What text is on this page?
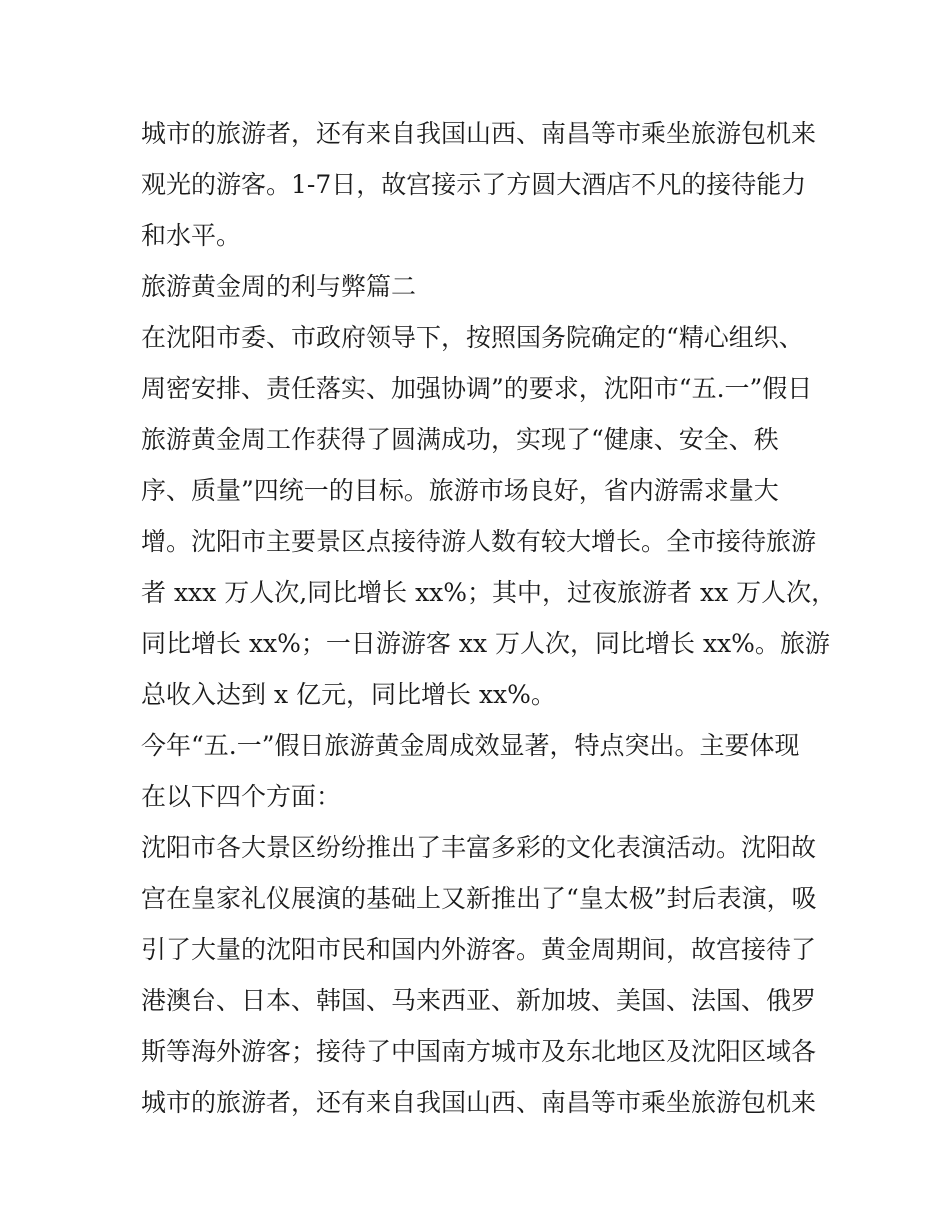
城市的旅游者，还有来自我国山西、南昌等市乘坐旅游包机来
观光的游客。1-7日，故宫接示了方圆大酒店不凡的接待能力
和水平。
旅游黄金周的利与弊篇二
在沈阳市委、市政府领导下，按照国务院确定的“精心组织、
周密安排、责任落实、加强协调”的要求，沈阳市“五.一”假日
旅游黄金周工作获得了圆满成功，实现了“健康、安全、秩
序、质量”四统一的目标。旅游市场良好，省内游需求量大
增。沈阳市主要景区点接待游人数有较大增长。全市接待旅游
者 xxx 万人次,同比增长 xx%；其中，过夜旅游者 xx 万人次，
同比增长 xx%；一日游游客 xx 万人次，同比增长 xx%。旅游
总收入达到 x 亿元，同比增长 xx%。
今年“五.一”假日旅游黄金周成效显著，特点突出。主要体现
在以下四个方面：
沈阳市各大景区纷纷推出了丰富多彩的文化表演活动。沈阳故
宫在皇家礼仪展演的基础上又新推出了“皇太极”封后表演，吸
引了大量的沈阳市民和国内外游客。黄金周期间，故宫接待了
港澳台、日本、韩国、马来西亚、新加坡、美国、法国、俄罗
斯等海外游客；接待了中国南方城市及东北地区及沈阳区域各
城市的旅游者，还有来自我国山西、南昌等市乘坐旅游包机来
